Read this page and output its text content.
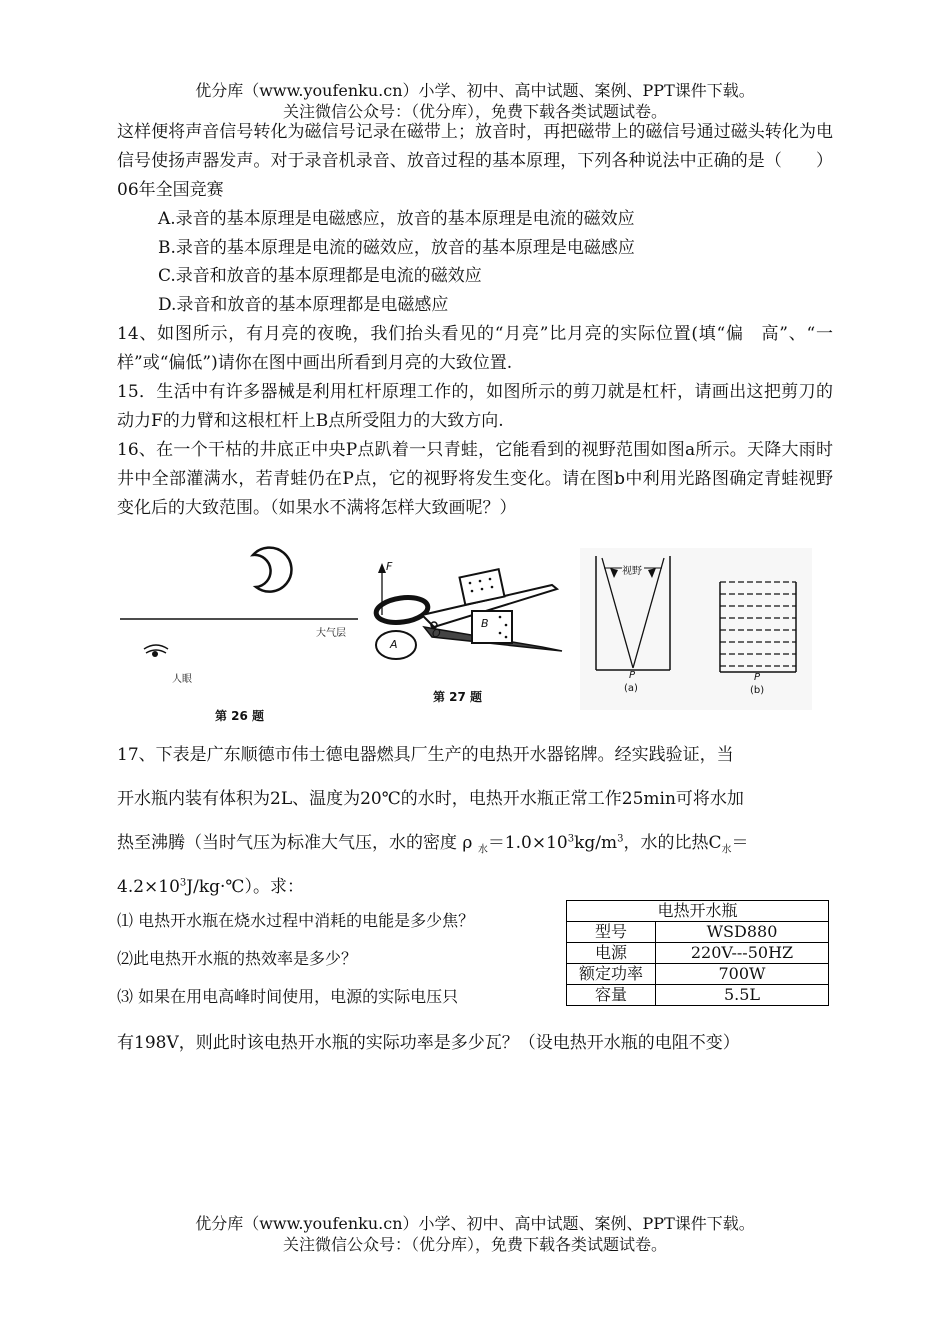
优分库（www.youfenku.cn）小学、初中、高中试题、案例、PPT课件下载。
关注微信公众号：（优分库），免费下载各类试题试卷。
这样便将声音信号转化为磁信号记录在磁带上；放音时，再把磁带上的磁信号通过磁头转化为电信号使扬声器发声。对于录音机录音、放音过程的基本原理，下列各种说法中正确的是（　　）06年全国竞赛
A.录音的基本原理是电磁感应，放音的基本原理是电流的磁效应
B.录音的基本原理是电流的磁效应，放音的基本原理是电磁感应
C.录音和放音的基本原理都是电流的磁效应
D.录音和放音的基本原理都是电磁感应
14、如图所示，有月亮的夜晚，我们抬头看见的“月亮”比月亮的实际位置(填“偏　高”、“一样”或“偏低”)请你在图中画出所看到月亮的大致位置.
15．生活中有许多器械是利用杠杆原理工作的，如图所示的剪刀就是杠杆，请画出这把剪刀的动力F的力臂和这根杠杆上B点所受阻力的大致方向.
16、在一个干枯的井底正中央P点趴着一只青蛙，它能看到的视野范围如图a所示。天降大雨时井中全部灌满水，若青蛙仍在P点，它的视野将发生变化。请在图b中利用光路图确定青蛙视野变化后的大致范围。（如果水不满将怎样大致画呢？）
大气层
人眼
第 26 题
F
A
O
B
第 27 题
视野
P
(a)
P
(b)
17、下表是广东顺德市伟士德电器燃具厂生产的电热开水器铭牌。经实践验证，当
开水瓶内装有体积为2L、温度为20℃的水时，电热开水瓶正常工作25min可将水加
热至沸腾（当时气压为标准大气压，水的密度 ρ $_水=1.0\times 10^3kg/m^3$，水的比热$C_水=$
$4.2\times 10^3J/kg\cdot℃$）。求：
⑴ 电热开水瓶在烧水过程中消耗的电能是多少焦？
⑵此电热开水瓶的热效率是多少？
⑶ 如果在用电高峰时间使用，电源的实际电压只
有198V，则此时该电热开水瓶的实际功率是多少瓦？（设电热开水瓶的电阻不变）
电热开水瓶	
型号	WSD880
电源	220V---50HZ
额定功率	700W
容量	5.5L
优分库（www.youfenku.cn）小学、初中、高中试题、案例、PPT课件下载。
关注微信公众号：（优分库），免费下载各类试题试卷。
